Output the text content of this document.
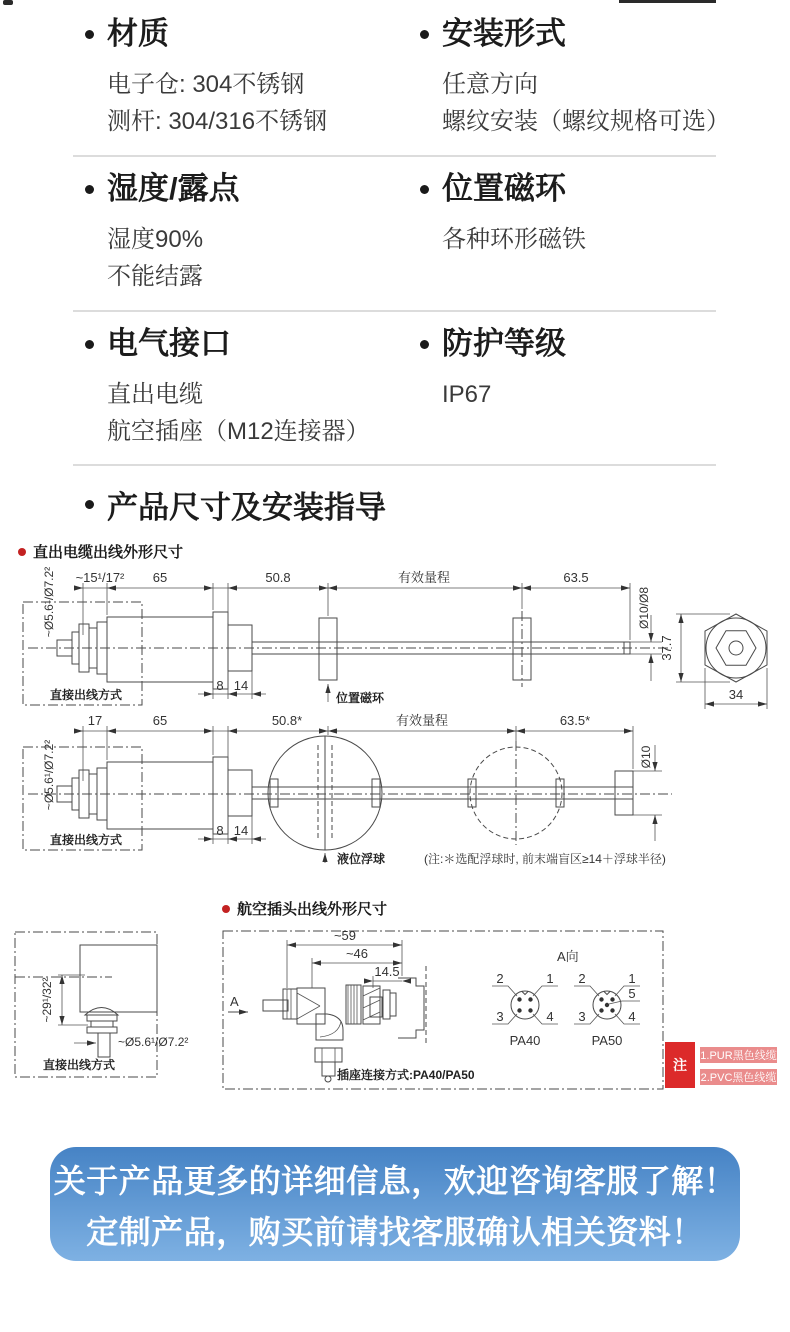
材质
电子仓: 304不锈钢
测杆: 304/316不锈钢
安装形式
任意方向
螺纹安装（螺纹规格可选）
湿度/露点
湿度90%
不能结露
位置磁环
各种环形磁铁
电气接口
直出电缆
航空插座（M12连接器）
防护等级
IP67
产品尺寸及安装指导
直出电缆出线外形尺寸
直接出线方式
~Ø5.6¹/Ø7.2² ~15¹/17² 65	50.8	有效量程	63.5
Ø10/Ø8
8 14
位置磁环
37.7
34
直接出线方式
~Ø5.6¹/Ø7.2²
17	65	50.8*	有效量程	63.5*
Ø10
8 14
液位浮球	(注:＊选配浮球时, 前末端盲区≥14＋浮球半径)
~29¹/32²
~Ø5.6¹/Ø7.2²
直接出线方式
航空插头出线外形尺寸
A
~59
~46
14.5
A向
2	1
3	4
PA40
2	1
5
3	4
PA50
插座连接方式:PA40/PA50
注
1.PUR黑色线缆
2.PVC黑色线缆
关于产品更多的详细信息，欢迎咨询客服了解！
定制产品，购买前请找客服确认相关资料！
